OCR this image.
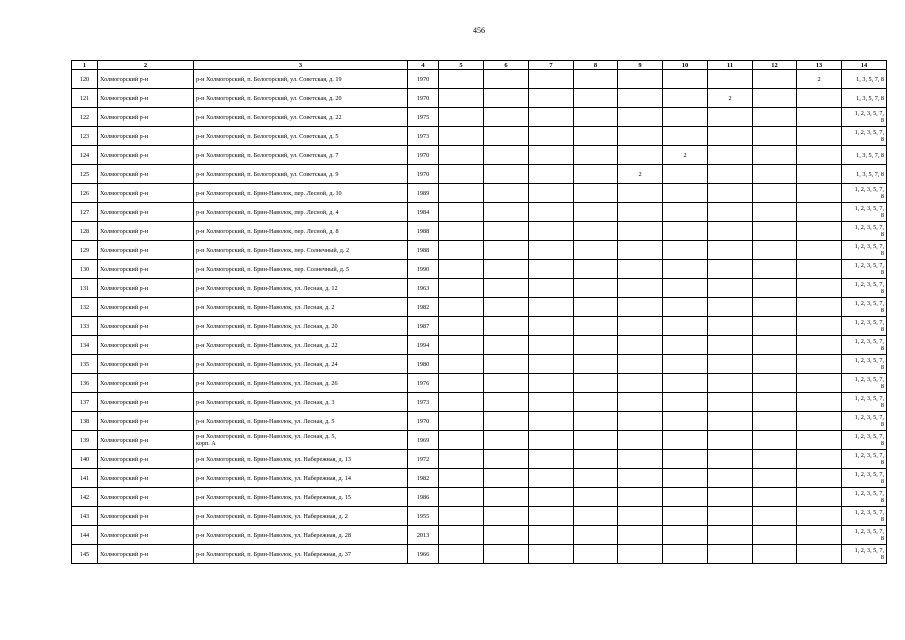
456
1	2	3	4	5	6	7	8	9	10	11	12	13	14
120	Холмогорский р-н	р-н Холмогорский, п. Белогорский, ул. Советская, д. 19	1970									2	1, 3, 5, 7, 8
121	Холмогорский р-н	р-н Холмогорский, п. Белогорский, ул. Советская, д. 20	1970							2			1, 3, 5, 7, 8
122	Холмогорский р-н	р-н Холмогорский, п. Белогорский, ул. Советская, д. 22	1975										1, 2, 3, 5, 7,
8
123	Холмогорский р-н	р-н Холмогорский, п. Белогорский, ул. Советская, д. 5	1973										1, 2, 3, 5, 7,
8
124	Холмогорский р-н	р-н Холмогорский, п. Белогорский, ул. Советская, д. 7	1970						2				1, 3, 5, 7, 8
125	Холмогорский р-н	р-н Холмогорский, п. Белогорский, ул. Советская, д. 9	1970					2					1, 3, 5, 7, 8
126	Холмогорский р-н	р-н Холмогорский, п. Брин-Наволок, пер. Лесной, д. 10	1989										1, 2, 3, 5, 7,
8
127	Холмогорский р-н	р-н Холмогорский, п. Брин-Наволок, пер. Лесной, д. 4	1984										1, 2, 3, 5, 7,
8
128	Холмогорский р-н	р-н Холмогорский, п. Брин-Наволок, пер. Лесной, д. 8	1988										1, 2, 3, 5, 7,
8
129	Холмогорский р-н	р-н Холмогорский, п. Брин-Наволок, пер. Солнечный, д. 2	1988										1, 2, 3, 5, 7,
8
130	Холмогорский р-н	р-н Холмогорский, п. Брин-Наволок, пер. Солнечный, д. 5	1990										1, 2, 3, 5, 7,
8
131	Холмогорский р-н	р-н Холмогорский, п. Брин-Наволок, ул. Лесная, д. 12	1963										1, 2, 3, 5, 7,
8
132	Холмогорский р-н	р-н Холмогорский, п. Брин-Наволок, ул. Лесная, д. 2	1982										1, 2, 3, 5, 7,
8
133	Холмогорский р-н	р-н Холмогорский, п. Брин-Наволок, ул. Лесная, д. 20	1987										1, 2, 3, 5, 7,
8
134	Холмогорский р-н	р-н Холмогорский, п. Брин-Наволок, ул. Лесная, д. 22	1994										1, 2, 3, 5, 7,
8
135	Холмогорский р-н	р-н Холмогорский, п. Брин-Наволок, ул. Лесная, д. 24	1980										1, 2, 3, 5, 7,
8
136	Холмогорский р-н	р-н Холмогорский, п. Брин-Наволок, ул. Лесная, д. 26	1976										1, 2, 3, 5, 7,
8
137	Холмогорский р-н	р-н Холмогорский, п. Брин-Наволок, ул. Лесная, д. 3	1973										1, 2, 3, 5, 7,
8
138	Холмогорский р-н	р-н Холмогорский, п. Брин-Наволок, ул. Лесная, д. 5	1970										1, 2, 3, 5, 7,
8
139	Холмогорский р-н	р-н Холмогорский, п. Брин-Наволок, ул. Лесная, д. 5,
корп. А	1969										1, 2, 3, 5, 7,
8
140	Холмогорский р-н	р-н Холмогорский, п. Брин-Наволок, ул. Набережная, д. 13	1972										1, 2, 3, 5, 7,
8
141	Холмогорский р-н	р-н Холмогорский, п. Брин-Наволок, ул. Набережная, д. 14	1982										1, 2, 3, 5, 7,
8
142	Холмогорский р-н	р-н Холмогорский, п. Брин-Наволок, ул. Набережная, д. 15	1986										1, 2, 3, 5, 7,
8
143	Холмогорский р-н	р-н Холмогорский, п. Брин-Наволок, ул. Набережная, д. 2	1955										1, 2, 3, 5, 7,
8
144	Холмогорский р-н	р-н Холмогорский, п. Брин-Наволок, ул. Набережная, д. 28	2013										1, 2, 3, 5, 7,
8
145	Холмогорский р-н	р-н Холмогорский, п. Брин-Наволок, ул. Набережная, д. 37	1966										1, 2, 3, 5, 7,
8
